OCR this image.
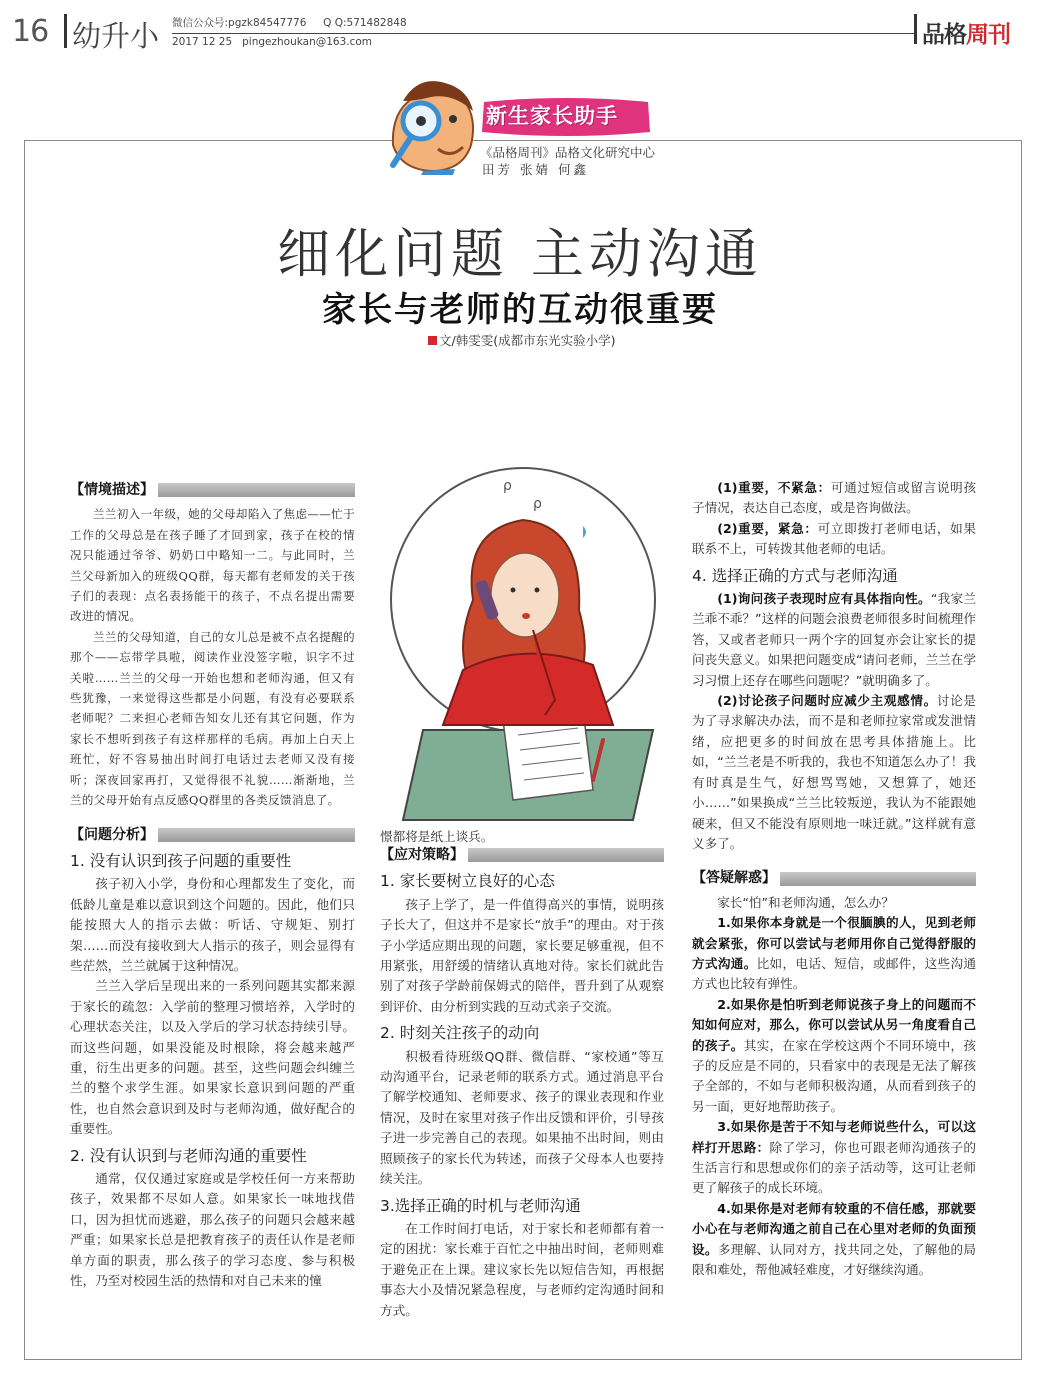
16 幼升小 微信公众号:pgzk84547776 Q Q:571482848
2017 12 25 pingezhoukan@163.com	品格周刊
新生家长助手
《品格周刊》品格文化研究中心
田芳 张婧 何鑫
细化问题 主动沟通
家长与老师的互动很重要
文/韩雯雯(成都市东光实验小学)
【情境描述】

兰兰初入一年级，她的父母却陷入了焦虑——忙于工作的父母总是在孩子睡了才回到家，孩子在校的情况只能通过爷爷、奶奶口中略知一二。与此同时，兰兰父母新加入的班级QQ群，每天都有老师发的关于孩子们的表现：点名表扬能干的孩子，不点名提出需要改进的情况。

兰兰的父母知道，自己的女儿总是被不点名提醒的那个——忘带学具啦，阅读作业没签字啦，识字不过关啦……兰兰的父母一开始也想和老师沟通，但又有些犹豫，一来觉得这些都是小问题，有没有必要联系老师呢？二来担心老师告知女儿还有其它问题，作为家长不想听到孩子有这样那样的毛病。再加上白天上班忙，好不容易抽出时间打电话过去老师又没有接听；深夜回家再打，又觉得很不礼貌……渐渐地，兰兰的父母开始有点反感QQ群里的各类反馈消息了。

【问题分析】
1. 没有认识到孩子问题的重要性

孩子初入小学，身份和心理都发生了变化，而低龄儿童是难以意识到这个问题的。因此，他们只能按照大人的指示去做：听话、守规矩、别打架……而没有接收到大人指示的孩子，则会显得有些茫然，兰兰就属于这种情况。

兰兰入学后呈现出来的一系列问题其实都来源于家长的疏忽：入学前的整理习惯培养，入学时的心理状态关注，以及入学后的学习状态持续引导。而这些问题，如果没能及时根除，将会越来越严重，衍生出更多的问题。甚至，这些问题会纠缠兰兰的整个求学生涯。如果家长意识到问题的严重性，也自然会意识到及时与老师沟通，做好配合的重要性。

2. 没有认识到与老师沟通的重要性

通常，仅仅通过家庭或是学校任何一方来帮助孩子，效果都不尽如人意。如果家长一味地找借口，因为担忧而逃避，那么孩子的问题只会越来越严重；如果家长总是把教育孩子的责任认作是老师单方面的职责，那么孩子的学习态度、参与积极性，乃至对校园生活的热情和对自己未来的憧

ρ
ρ
憬都将是纸上谈兵。
【应对策略】
1. 家长要树立良好的心态

孩子上学了，是一件值得高兴的事情，说明孩子长大了，但这并不是家长“放手”的理由。对于孩子小学适应期出现的问题，家长要足够重视，但不用紧张，用舒缓的情绪认真地对待。家长们就此告别了对孩子学龄前保姆式的陪伴，晋升到了从观察到评价、由分析到实践的互动式亲子交流。

2. 时刻关注孩子的动向

积极看待班级QQ群、微信群、“家校通”等互动沟通平台，记录老师的联系方式。通过消息平台了解学校通知、老师要求、孩子的课业表现和作业情况，及时在家里对孩子作出反馈和评价，引导孩子进一步完善自己的表现。如果抽不出时间，则由照顾孩子的家长代为转述，而孩子父母本人也要持续关注。

3.选择正确的时机与老师沟通

在工作时间打电话，对于家长和老师都有着一定的困扰：家长难于百忙之中抽出时间，老师则难于避免正在上课。建议家长先以短信告知，再根据事态大小及情况紧急程度，与老师约定沟通时间和方式。

(1)重要，不紧急：可通过短信或留言说明孩子情况，表达自己态度，或是咨询做法。

(2)重要，紧急：可立即拨打老师电话，如果联系不上，可转拨其他老师的电话。

4. 选择正确的方式与老师沟通

(1)询问孩子表现时应有具体指向性。“我家兰兰乖不乖？”这样的问题会浪费老师很多时间梳理作答，又或者老师只一两个字的回复亦会让家长的提问丧失意义。如果把问题变成“请问老师，兰兰在学习习惯上还存在哪些问题呢？”就明确多了。

(2)讨论孩子问题时应减少主观感情。讨论是为了寻求解决办法，而不是和老师拉家常或发泄情绪，应把更多的时间放在思考具体措施上。比如，“兰兰老是不听我的，我也不知道怎么办了！我有时真是生气，好想骂骂她，又想算了，她还小……”如果换成“兰兰比较叛逆，我认为不能跟她硬来，但又不能没有原则地一味迁就。”这样就有意义多了。

【答疑解惑】

家长“怕”和老师沟通，怎么办？

1.如果你本身就是一个很腼腆的人，见到老师就会紧张，你可以尝试与老师用你自己觉得舒服的方式沟通。比如，电话、短信，或邮件，这些沟通方式也比较有弹性。

2.如果你是怕听到老师说孩子身上的问题而不知如何应对，那么，你可以尝试从另一角度看自己的孩子。其实，在家在学校这两个不同环境中，孩子的反应是不同的，只看家中的表现是无法了解孩子全部的，不如与老师积极沟通，从而看到孩子的另一面，更好地帮助孩子。

3.如果你是苦于不知与老师说些什么，可以这样打开思路：除了学习，你也可跟老师沟通孩子的生活言行和思想或你们的亲子活动等，这可让老师更了解孩子的成长环境。

4.如果你是对老师有较重的不信任感，那就要小心在与老师沟通之前自己在心里对老师的负面预设。多理解、认同对方，找共同之处，了解他的局限和难处，帮他减轻难度，才好继续沟通。
